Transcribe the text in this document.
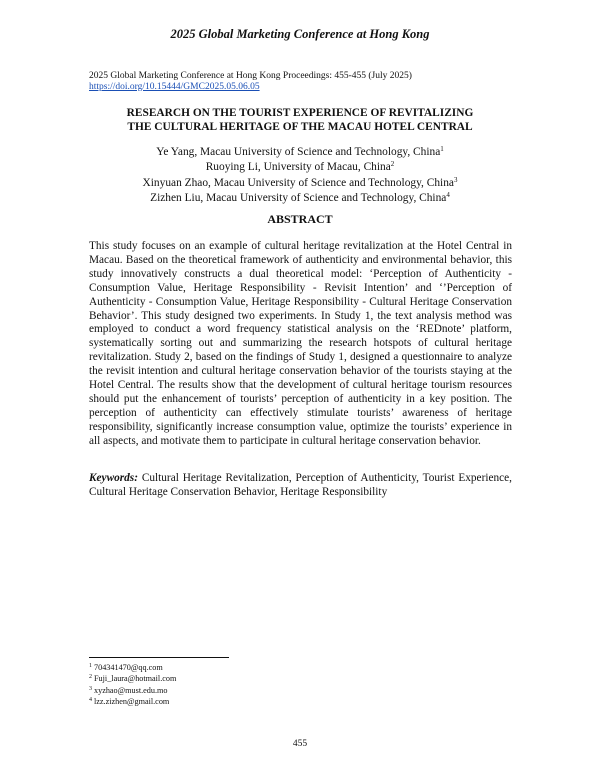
2025 Global Marketing Conference at Hong Kong
2025 Global Marketing Conference at Hong Kong Proceedings: 455-455 (July 2025)
https://doi.org/10.15444/GMC2025.05.06.05
RESEARCH ON THE TOURIST EXPERIENCE OF REVITALIZING
THE CULTURAL HERITAGE OF THE MACAU HOTEL CENTRAL
Ye Yang, Macau University of Science and Technology, China$^1$
Ruoying Li, University of Macau, China$^2$
Xinyuan Zhao, Macau University of Science and Technology, China$^3$
Zizhen Liu, Macau University of Science and Technology, China$^4$
ABSTRACT
This study focuses on an example of cultural heritage revitalization at the Hotel Central in Macau. Based on the theoretical framework of authenticity and environmental behavior, this study innovatively constructs a dual theoretical model: ‘Perception of Authenticity - Consumption Value, Heritage Responsibility - Revisit Intention’ and ‘’Perception of Authenticity - Consumption Value, Heritage Responsibility - Cultural Heritage Conservation Behavior’. This study designed two experiments. In Study 1, the text analysis method was employed to conduct a word frequency statistical analysis on the ‘REDnote’ platform, systematically sorting out and summarizing the research hotspots of cultural heritage revitalization. Study 2, based on the findings of Study 1, designed a questionnaire to analyze the revisit intention and cultural heritage conservation behavior of the tourists staying at the Hotel Central. The results show that the development of cultural heritage tourism resources should put the enhancement of tourists’ perception of authenticity in a key position. The perception of authenticity can effectively stimulate tourists’ awareness of heritage responsibility, significantly increase consumption value, optimize the tourists’ experience in all aspects, and motivate them to participate in cultural heritage conservation behavior.
Keywords: Cultural Heritage Revitalization, Perception of Authenticity, Tourist Experience, Cultural Heritage Conservation Behavior, Heritage Responsibility
$^1$ 704341470@qq.com
$^2$ Fuji_laura@hotmail.com
$^3$ xyzhao@must.edu.mo
$^4$ lzz.zizhen@gmail.com
455
